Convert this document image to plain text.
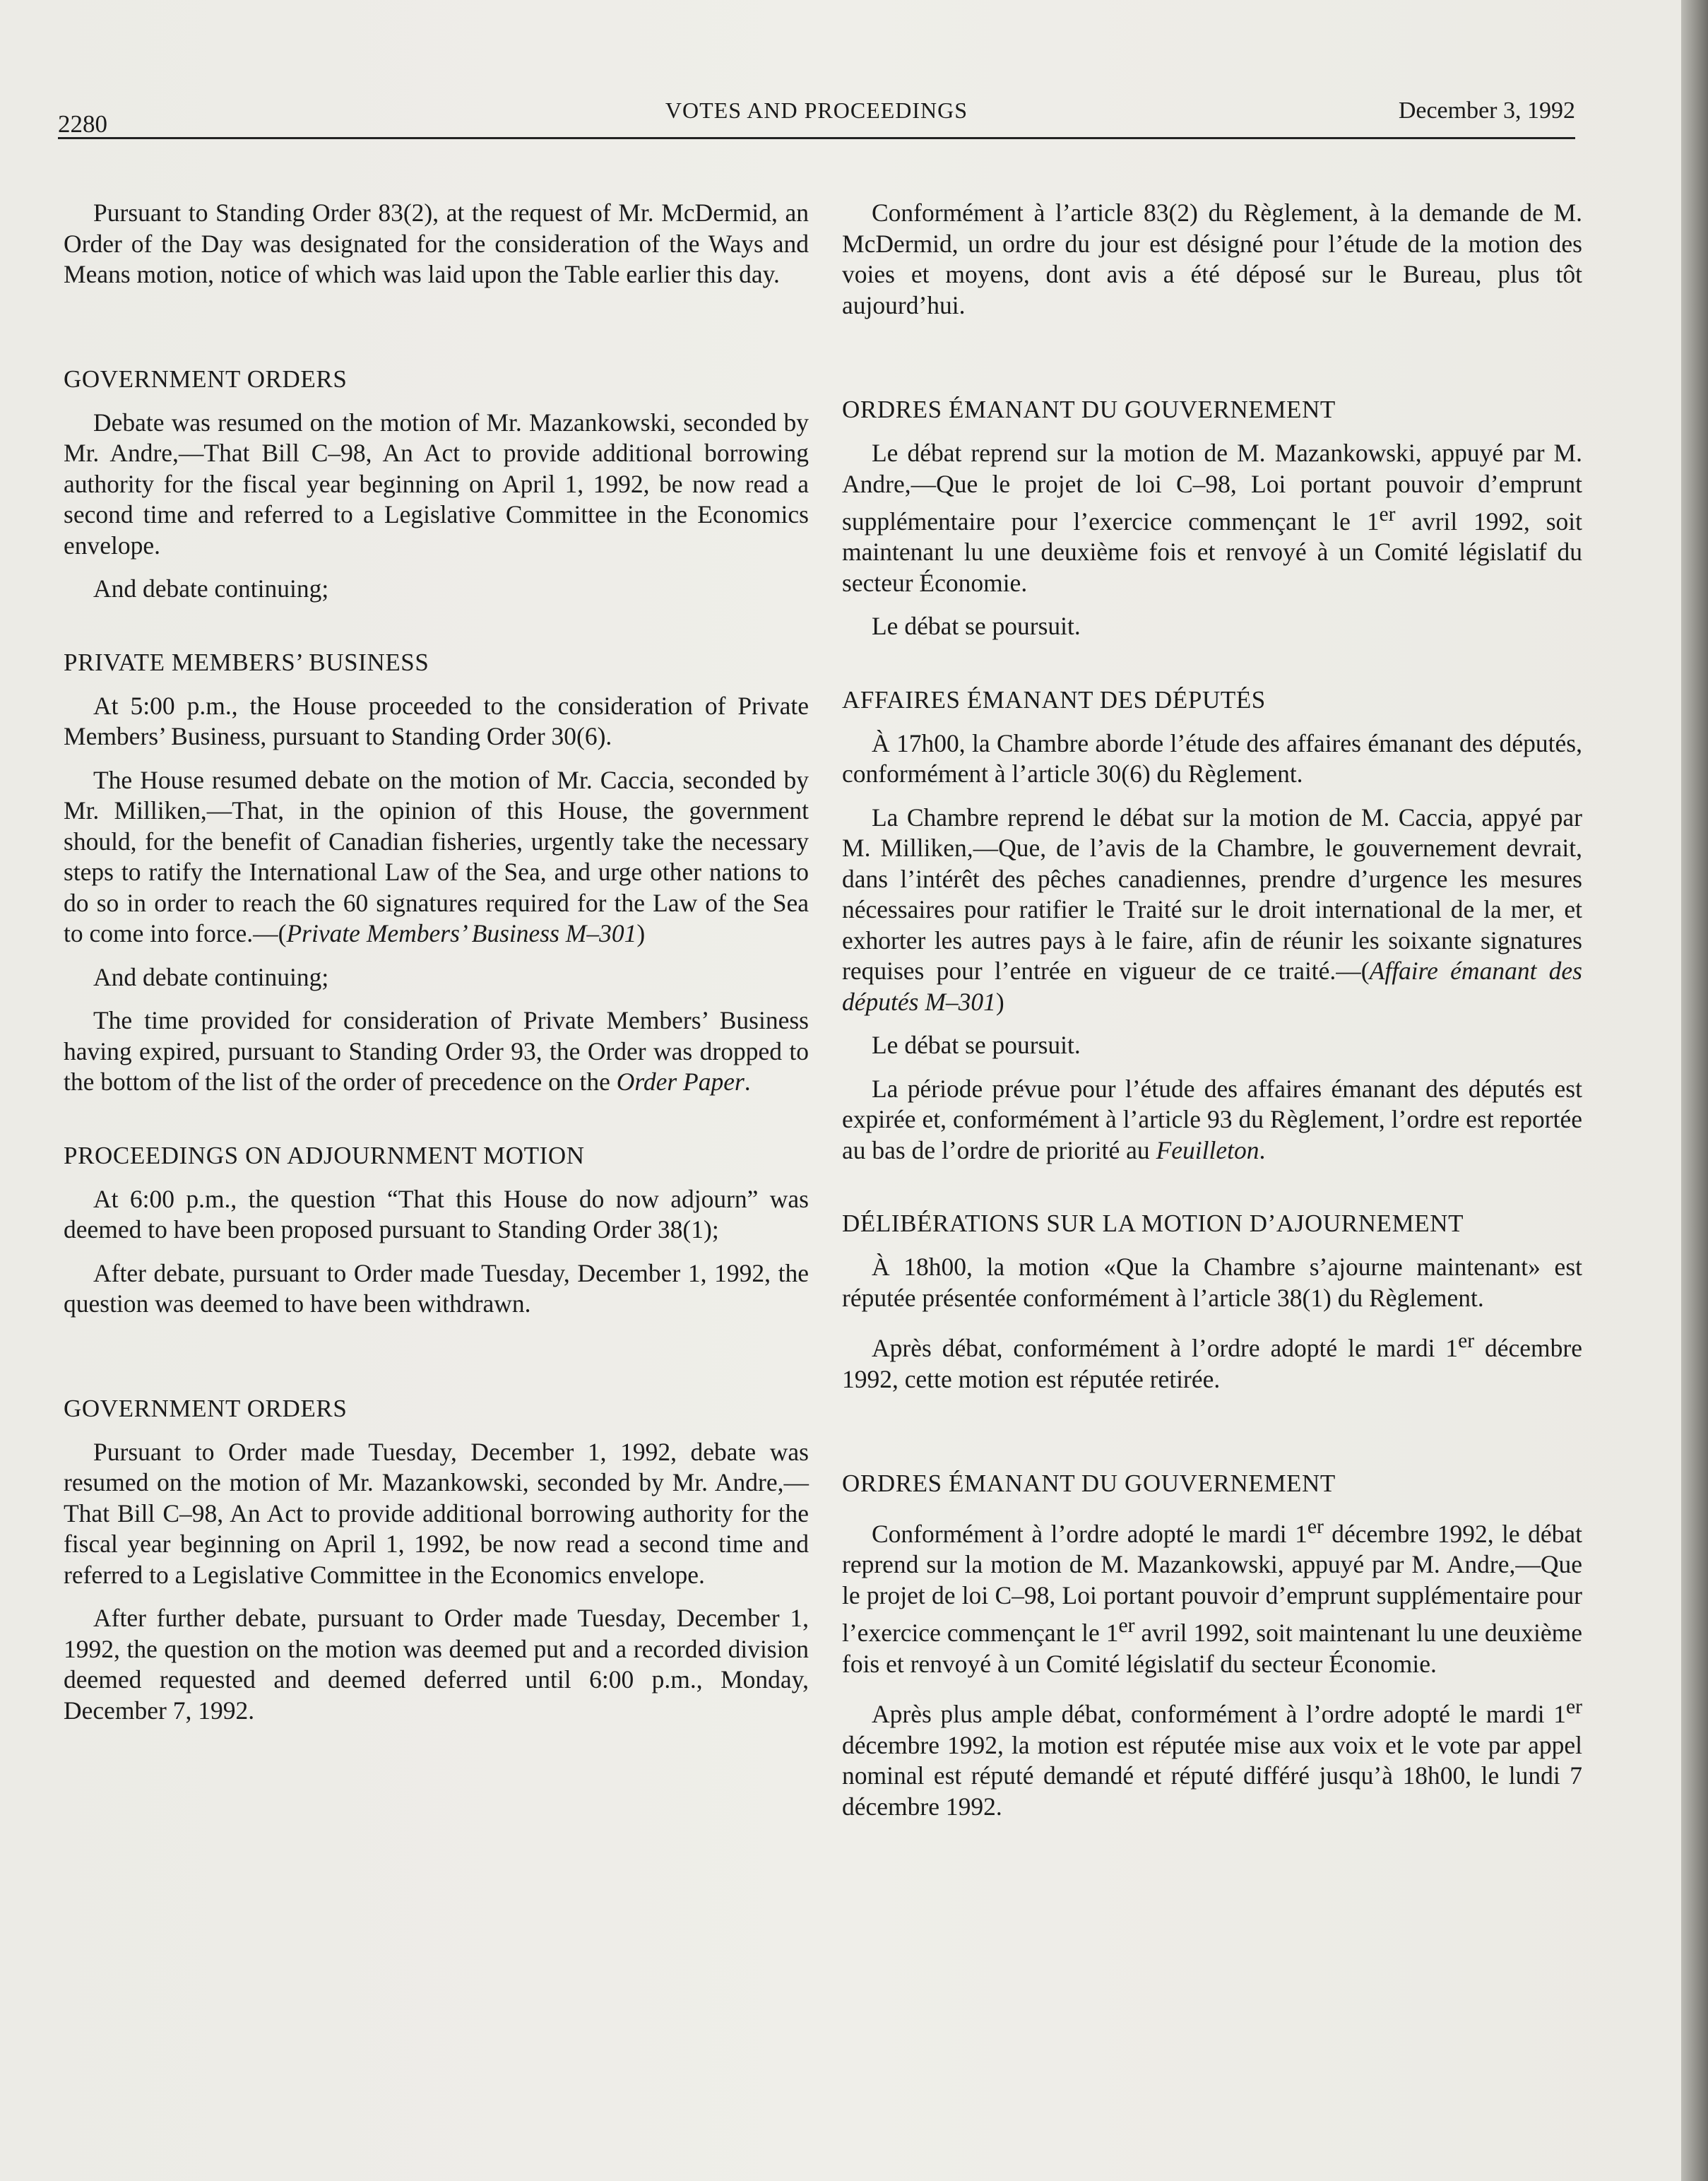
2280	VOTES AND PROCEEDINGS	December 3, 1992

Pursuant to Standing Order 83(2), at the request of Mr. McDermid, an Order of the Day was designated for the consideration of the Ways and Means motion, notice of which was laid upon the Table earlier this day.

GOVERNMENT ORDERS

Debate was resumed on the motion of Mr. Mazankowski, seconded by Mr. Andre,—That Bill C–98, An Act to provide additional borrowing authority for the fiscal year beginning on April 1, 1992, be now read a second time and referred to a Legislative Committee in the Economics envelope.

And debate continuing;

PRIVATE MEMBERS’ BUSINESS

At 5:00 p.m., the House proceeded to the consideration of Private Members’ Business, pursuant to Standing Order 30(6).

The House resumed debate on the motion of Mr. Caccia, seconded by Mr. Milliken,—That, in the opinion of this House, the government should, for the benefit of Canadian fisheries, urgently take the necessary steps to ratify the International Law of the Sea, and urge other nations to do so in order to reach the 60 signatures required for the Law of the Sea to come into force.—(Private Members’ Business M–301)

And debate continuing;

The time provided for consideration of Private Members’ Business having expired, pursuant to Standing Order 93, the Order was dropped to the bottom of the list of the order of precedence on the Order Paper.

PROCEEDINGS ON ADJOURNMENT MOTION

At 6:00 p.m., the question “That this House do now adjourn” was deemed to have been proposed pursuant to Standing Order 38(1);

After debate, pursuant to Order made Tuesday, December 1, 1992, the question was deemed to have been withdrawn.

GOVERNMENT ORDERS

Pursuant to Order made Tuesday, December 1, 1992, debate was resumed on the motion of Mr. Mazankowski, seconded by Mr. Andre,—That Bill C–98, An Act to provide additional borrowing authority for the fiscal year beginning on April 1, 1992, be now read a second time and referred to a Legislative Committee in the Economics envelope.

After further debate, pursuant to Order made Tuesday, December 1, 1992, the question on the motion was deemed put and a recorded division deemed requested and deemed deferred until 6:00 p.m., Monday, December 7, 1992.

Conformément à l’article 83(2) du Règlement, à la demande de M. McDermid, un ordre du jour est désigné pour l’étude de la motion des voies et moyens, dont avis a été déposé sur le Bureau, plus tôt aujourd’hui.

ORDRES ÉMANANT DU GOUVERNEMENT

Le débat reprend sur la motion de M. Mazankowski, appuyé par M. Andre,—Que le projet de loi C–98, Loi portant pouvoir d’emprunt supplémentaire pour l’exercice commençant le 1er avril 1992, soit maintenant lu une deuxième fois et renvoyé à un Comité législatif du secteur Économie.

Le débat se poursuit.

AFFAIRES ÉMANANT DES DÉPUTÉS

À 17h00, la Chambre aborde l’étude des affaires émanant des députés, conformément à l’article 30(6) du Règlement.

La Chambre reprend le débat sur la motion de M. Caccia, appyé par M. Milliken,—Que, de l’avis de la Chambre, le gouvernement devrait, dans l’intérêt des pêches canadiennes, prendre d’urgence les mesures nécessaires pour ratifier le Traité sur le droit international de la mer, et exhorter les autres pays à le faire, afin de réunir les soixante signatures requises pour l’entrée en vigueur de ce traité.—(Affaire émanant des députés M–301)

Le débat se poursuit.

La période prévue pour l’étude des affaires émanant des députés est expirée et, conformément à l’article 93 du Règlement, l’ordre est reportée au bas de l’ordre de priorité au Feuilleton.

DÉLIBÉRATIONS SUR LA MOTION D’AJOURNEMENT

À 18h00, la motion «Que la Chambre s’ajourne maintenant» est réputée présentée conformément à l’article 38(1) du Règlement.

Après débat, conformément à l’ordre adopté le mardi 1er décembre 1992, cette motion est réputée retirée.

ORDRES ÉMANANT DU GOUVERNEMENT

Conformément à l’ordre adopté le mardi 1er décembre 1992, le débat reprend sur la motion de M. Mazankowski, appuyé par M. Andre,—Que le projet de loi C–98, Loi portant pouvoir d’emprunt supplémentaire pour l’exercice commençant le 1er avril 1992, soit maintenant lu une deuxième fois et renvoyé à un Comité législatif du secteur Économie.

Après plus ample débat, conformément à l’ordre adopté le mardi 1er décembre 1992, la motion est réputée mise aux voix et le vote par appel nominal est réputé demandé et réputé différé jusqu’à 18h00, le lundi 7 décembre 1992.
